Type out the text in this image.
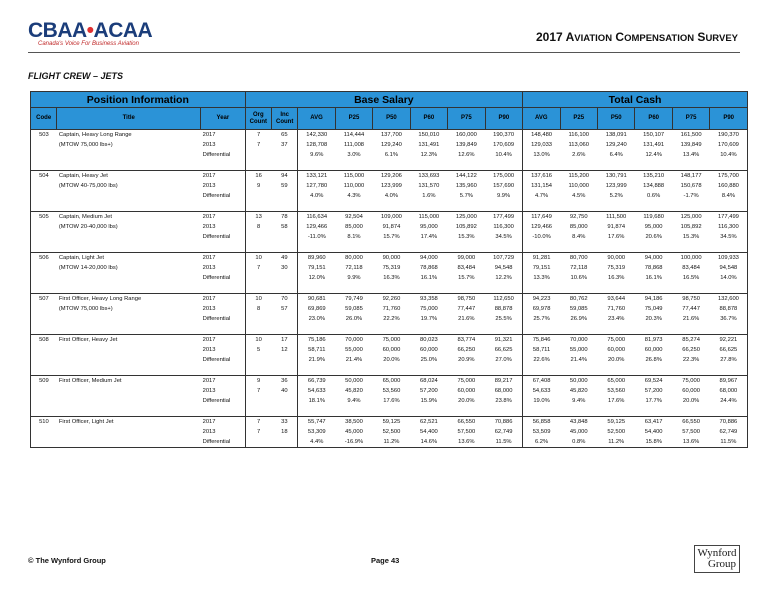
CBAA•ACAA
Canada's Voice For Business Aviation	2017 AVIATION COMPENSATION SURVEY
FLIGHT CREW – JETS
Position Information			Base Salary								Total Cash					
Code	Title	Year	Org Count	Inc Count	AVG	P25	P50	P60	P75	P90	AVG	P25	P50	P60	P75	P90
503	Captain, Heavy Long Range	2017	7	65	142,330	114,444	137,700	150,010	160,000	190,370	148,480	116,100	138,091	150,107	161,500	190,370
	(MTOW 75,000 lbs+)	2013	7	37	128,708	111,008	129,240	131,491	139,849	170,609	129,033	113,060	129,240	131,491	139,849	170,609
		Differential			9.6%	3.0%	6.1%	12.3%	12.6%	10.4%	13.0%	2.6%	6.4%	12.4%	13.4%	10.4%

504	Captain, Heavy Jet	2017	16	94	133,121	115,000	129,206	133,693	144,122	175,000	137,616	115,200	130,791	135,210	148,177	175,700
	(MTOW 40-75,000 lbs)	2013	9	59	127,780	110,000	123,999	131,570	135,960	157,690	131,154	110,000	123,999	134,888	150,678	160,880
		Differential			4.0%	4.3%	4.0%	1.6%	5.7%	9.9%	4.7%	4.5%	5.2%	0.6%	-1.7%	8.4%

505	Captain, Medium Jet	2017	13	78	116,634	92,504	109,000	115,000	125,000	177,499	117,649	92,750	111,500	119,680	125,000	177,499
	(MTOW 20-40,000 lbs)	2013	8	58	129,466	85,000	91,874	95,000	105,892	116,300	129,466	85,000	91,874	95,000	105,892	116,300
		Differential			-11.0%	8.1%	15.7%	17.4%	15.3%	34.5%	-10.0%	8.4%	17.6%	20.6%	15.3%	34.5%

506	Captain, Light Jet	2017	10	49	89,960	80,000	90,000	94,000	99,000	107,729	91,281	80,700	90,000	94,000	100,000	109,933
	(MTOW 14-20,000 lbs)	2013	7	30	79,151	72,118	75,319	78,868	83,484	94,548	79,151	72,118	75,319	78,868	83,484	94,548
		Differential			12.0%	9.9%	16.3%	16.1%	15.7%	12.2%	13.3%	10.6%	16.3%	16.1%	16.5%	14.0%

507	First Officer, Heavy Long Range	2017	10	70	90,681	79,749	92,260	93,358	98,750	112,650	94,223	80,762	93,644	94,186	98,750	132,600
	(MTOW 75,000 lbs+)	2013	8	57	69,869	59,085	71,760	75,000	77,447	88,878	69,978	59,085	71,760	75,049	77,447	88,878
		Differential			23.0%	26.0%	22.2%	19.7%	21.6%	25.5%	25.7%	26.9%	23.4%	20.3%	21.6%	36.7%

508	First Officer, Heavy Jet	2017	10	17	75,186	70,000	75,000	80,023	83,774	91,321	75,846	70,000	75,000	81,973	85,274	92,221
		2013	5	12	58,711	55,000	60,000	60,000	66,250	66,625	58,711	55,000	60,000	60,000	66,250	66,625
		Differential			21.9%	21.4%	20.0%	25.0%	20.9%	27.0%	22.6%	21.4%	20.0%	26.8%	22.3%	27.8%

509	First Officer, Medium Jet	2017	9	36	66,739	50,000	65,000	68,024	75,000	89,217	67,408	50,000	65,000	69,524	75,000	89,967
		2013	7	40	54,633	45,820	53,560	57,200	60,000	68,000	54,633	45,820	53,560	57,200	60,000	68,000
		Differential			18.1%	9.4%	17.6%	15.9%	20.0%	23.8%	19.0%	9.4%	17.6%	17.7%	20.0%	24.4%

510	First Officer, Light Jet	2017	7	33	55,747	38,500	59,125	62,521	66,550	70,886	56,858	43,848	59,125	63,417	66,550	70,886
		2013	7	18	53,309	45,000	52,500	54,400	57,500	62,749	53,509	45,000	52,500	54,400	57,500	62,749
		Differential			4.4%	-16.9%	11.2%	14.6%	13.6%	11.5%	6.2%	0.8%	11.2%	15.8%	13.6%	11.5%
© The Wynford Group	Page 43
Wynford
Group
